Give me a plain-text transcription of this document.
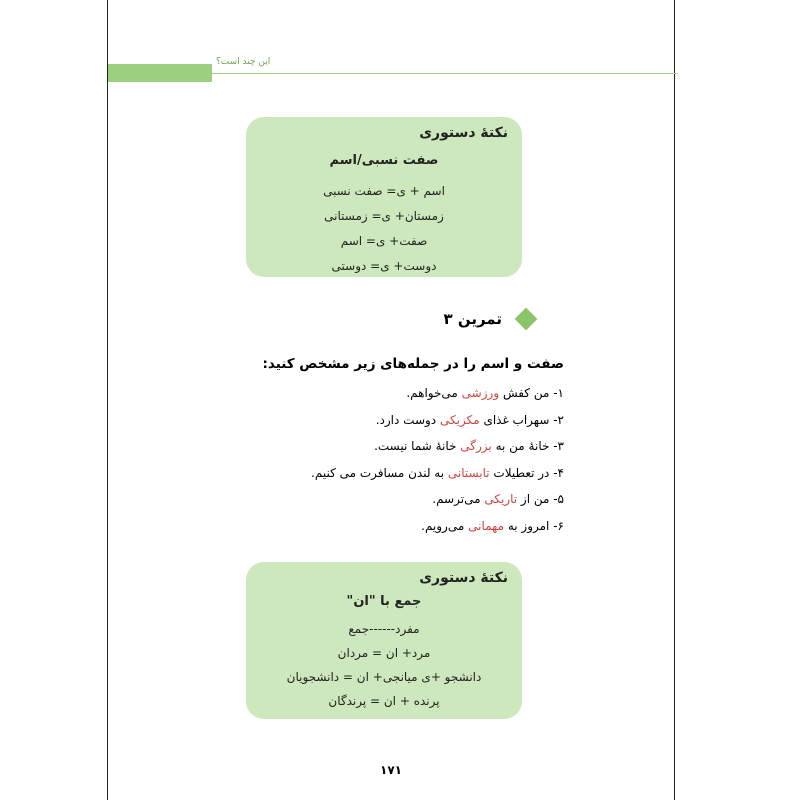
این چند است؟
نکتۀ دستوری
صفت نسبی/اسم
اسم + ی= صفت نسبی
زمستان+ ی= زمستانی
صفت+ ی= اسم
دوست+ ی= دوستی
تمرین ۳
صفت و اسم را در جمله‌های زیر مشخص کنید:
۱- من کفش ورزشی می‌خواهم.
۲- سهراب غذای مکزیکی دوست دارد.
۳- خانۀ من به بزرگی خانۀ شما نیست.
۴- در تعطیلات تابستانی به لندن مسافرت می کنیم.
۵- من از تاریکی می‌ترسم.
۶- امروز به مهمانی می‌رویم.
نکتۀ دستوری
جمع با "ان"
مفرد------جمع
مرد+ ان = مردان
دانشجو +ی میانجی+ ان = دانشجویان
پرنده + ان = پرندگان
۱۷۱
